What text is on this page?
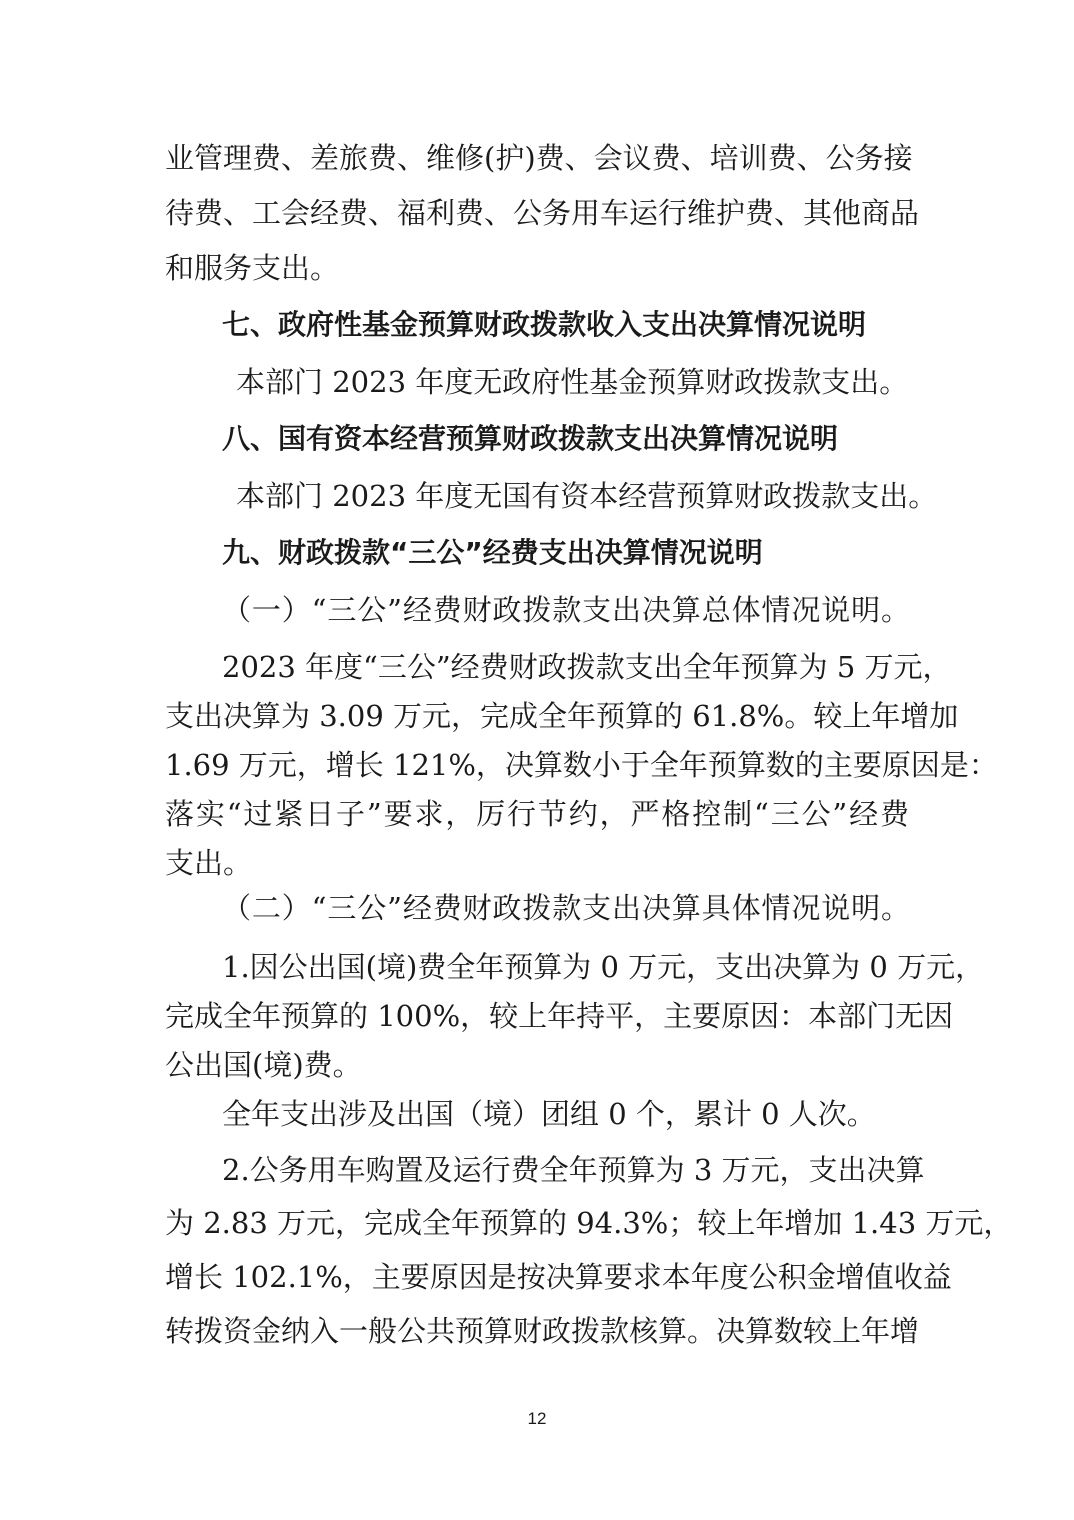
业管理费、差旅费、维修(护)费、会议费、培训费、公务接
待费、工会经费、福利费、公务用车运行维护费、其他商品
和服务支出。
七、政府性基金预算财政拨款收入支出决算情况说明
本部门 2023 年度无政府性基金预算财政拨款支出。
八、国有资本经营预算财政拨款支出决算情况说明
本部门 2023 年度无国有资本经营预算财政拨款支出。
九、财政拨款“三公”经费支出决算情况说明
（一）“三公”经费财政拨款支出决算总体情况说明。
2023 年度“三公”经费财政拨款支出全年预算为 5 万元，
支出决算为 3.09 万元，完成全年预算的 61.8%。较上年增加
1.69 万元，增长 121%，决算数小于全年预算数的主要原因是：
落实“过紧日子”要求，厉行节约，严格控制“三公”经费
支出。
（二）“三公”经费财政拨款支出决算具体情况说明。
1.因公出国(境)费全年预算为 0 万元，支出决算为 0 万元，
完成全年预算的 100%，较上年持平，主要原因：本部门无因
公出国(境)费。
全年支出涉及出国（境）团组 0 个，累计 0 人次。
2.公务用车购置及运行费全年预算为 3 万元，支出决算
为 2.83 万元，完成全年预算的 94.3%；较上年增加 1.43 万元，
增长 102.1%，主要原因是按决算要求本年度公积金增值收益
转拨资金纳入一般公共预算财政拨款核算。决算数较上年增
12
